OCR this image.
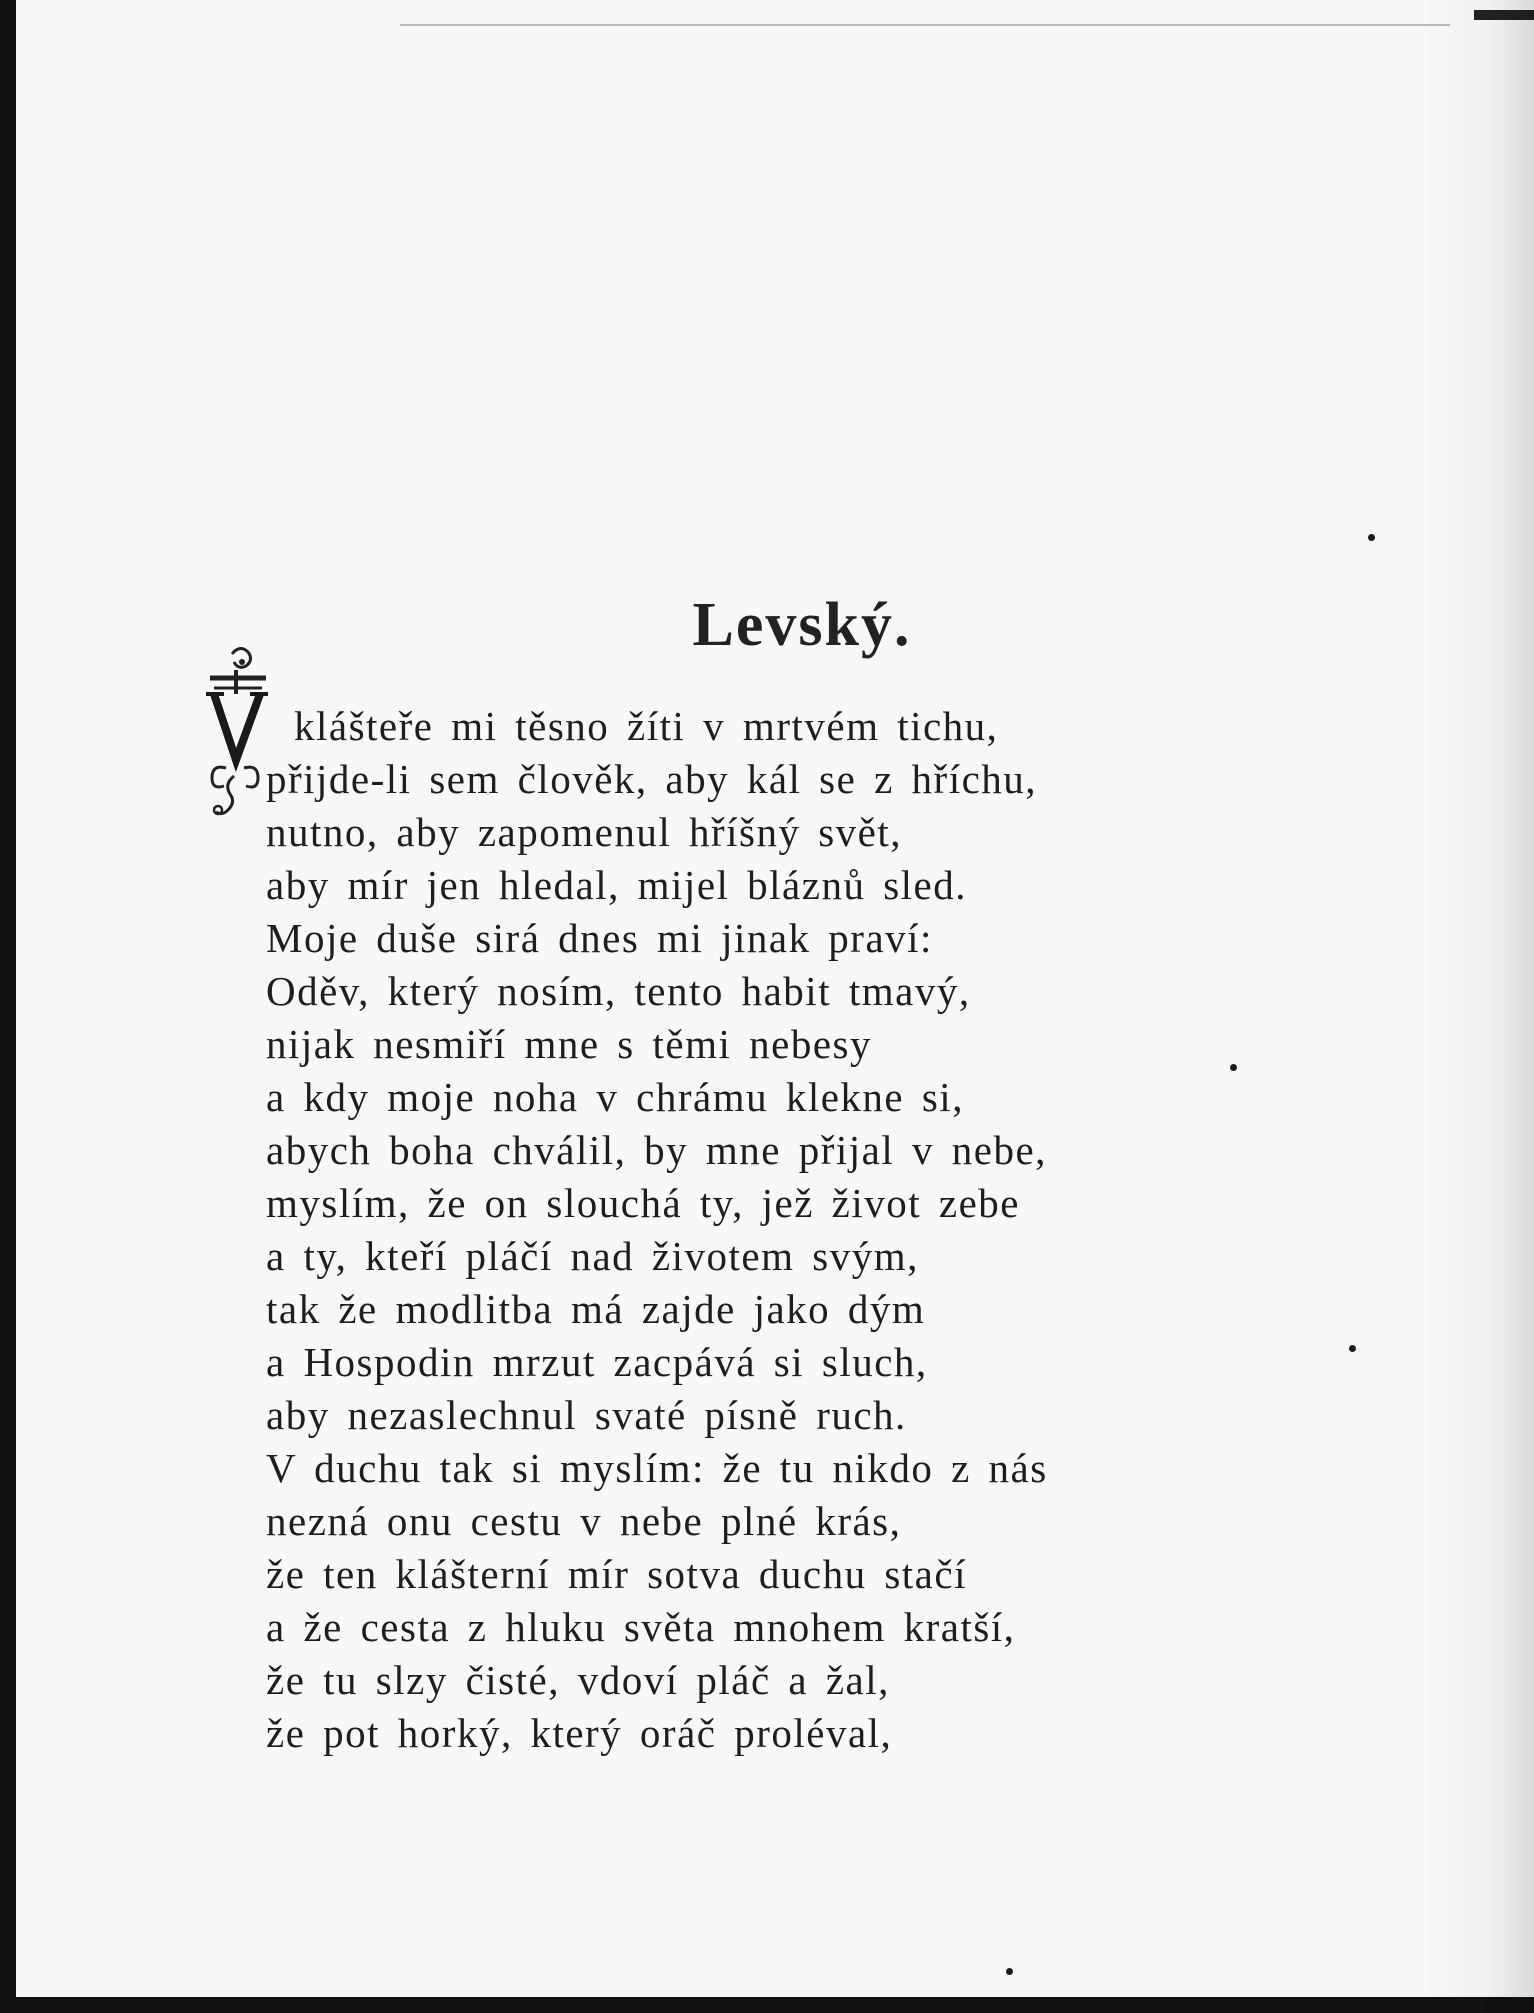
Levský.
klášteře mi těsno žíti v mrtvém tichu,
přijde-li sem člověk, aby kál se z hříchu,
nutno, aby zapomenul hříšný svět,
aby mír jen hledal, mijel bláznů sled.
Moje duše sirá dnes mi jinak praví:
Oděv, který nosím, tento habit tmavý,
nijak nesmiří mne s těmi nebesy
a kdy moje noha v chrámu klekne si,
abych boha chválil, by mne přijal v nebe,
myslím, že on slouchá ty, jež život zebe
a ty, kteří pláčí nad životem svým,
tak že modlitba má zajde jako dým
a Hospodin mrzut zacpává si sluch,
aby nezaslechnul svaté písně ruch.
V duchu tak si myslím: že tu nikdo z nás
nezná onu cestu v nebe plné krás,
že ten klášterní mír sotva duchu stačí
a že cesta z hluku světa mnohem kratší,
že tu slzy čisté, vdoví pláč a žal,
že pot horký, který oráč proléval,
